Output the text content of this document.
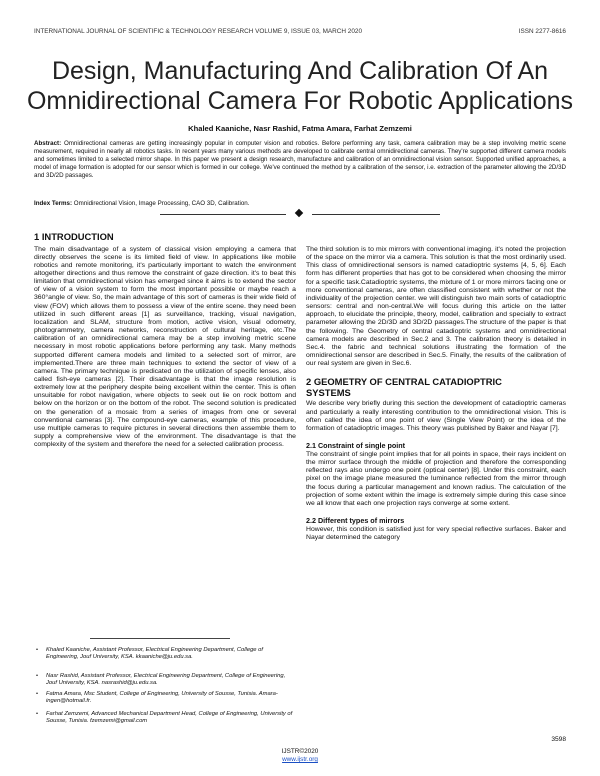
INTERNATIONAL JOURNAL OF SCIENTIFIC & TECHNOLOGY RESEARCH VOLUME 9, ISSUE 03, MARCH 2020	ISSN 2277-8616
Design, Manufacturing And Calibration Of An
Omnidirectional Camera For Robotic Applications
Khaled Kaaniche, Nasr Rashid, Fatma Amara, Farhat Zemzemi
Abstract: Omnidirectional cameras are getting increasingly popular in computer vision and robotics. Before performing any task, camera calibration may be a step involving metric scene measurement, required in nearly all robotics tasks. In recent years many various methods are developed to calibrate central omnidirectional cameras. They're supported different camera models and sometimes limited to a selected mirror shape. In this paper we present a design research, manufacture and calibration of an omnidirectional vision sensor. Supported unified approaches, a model of image formation is adopted for our sensor which is formed in our college. We've continued the method by a calibration of the sensor, i.e. extraction of the parameter allowing the 2D/3D and 3D/2D passages.
Index Terms: Omnidirectional Vision, Image Processing, CAO 3D, Calibration.
1 INTRODUCTION

The main disadvantage of a system of classical vision employing a camera that directly observes the scene is its limited field of view. In applications like mobile robotics and remote monitoring, it's particularly important to watch the environment altogether directions and thus remove the constraint of gaze direction. it's to beat this limitation that omnidirectional vision has emerged since it aims is to extend the sector of view of a vision system to form the most important possible or maybe reach a 360°angle of view. So, the main advantage of this sort of cameras is their wide field of view (FOV) which allows them to possess a view of the entire scene. they need been utilized in such different areas [1] as surveillance, tracking, visual navigation, localization and SLAM, structure from motion, active vision, visual odometry, photogrammetry, camera networks, reconstruction of cultural heritage, etc.The calibration of an omnidirectional camera may be a step involving metric scene necessary in most robotic applications before performing any task. Many methods supported different camera models and limited to a selected sort of mirror, are implemented.There are three main techniques to extend the sector of view of a camera. The primary technique is predicated on the utilization of specific lenses, also called fish-eye cameras [2]. Their disadvantage is that the image resolution is extremely low at the periphery despite being excellent within the center. This is often unsuitable for robot navigation, where objects to seek out lie on rock bottom and below on the horizon or on the bottom of the robot. The second solution is predicated on the generation of a mosaic from a series of images from one or several conventional cameras [3]. The compound-eye cameras, example of this procedure, use multiple cameras to require pictures in several directions then assemble them to supply a comprehensive view of the environment. The disadvantage is that the complexity of the system and therefore the need for a selected calibration process.

The third solution is to mix mirrors with conventional imaging. it's noted the projection of the space on the mirror via a camera. This solution is that the most ordinarily used. This class of omnidirectional sensors is named catadioptric systems [4, 5, 6]. Each form has different properties that has got to be considered when choosing the mirror for a specific task.Catadioptric systems, the mixture of 1 or more mirrors facing one or more conventional cameras, are often classified consistent with whether or not the individuality of the projection center. we will distinguish two main sorts of catadioptric sensors: central and non-central.We will focus during this article on the latter approach, to elucidate the principle, theory, model, calibration and specially to extract parameter allowing the 2D/3D and 3D/2D passages.The structure of the paper is that the following. The Geometry of central catadioptric systems and omnidirectional camera models are described in Sec.2 and 3. The calibration theory is detailed in Sec.4. the fabric and technical solutions illustrating the formation of the omnidirectional sensor are described in Sec.5. Finally, the results of the calibration of our real system are given in Sec.6.

2 GEOMETRY OF CENTRAL CATADIOPTRIC
SYSTEMS

We describe very briefly during this section the development of catadioptric cameras and particularly a really interesting contribution to the omnidirectional vision. This is often called the idea of one point of view (Single View Point) or the idea of the formation of catadioptric images. This theory was published by Baker and Nayar [7].

2.1 Constraint of single point

The constraint of single point implies that for all points in space, their rays incident on the mirror surface through the middle of projection and therefore the corresponding reflected rays also undergo one point (optical center) [8]. Under this constraint, each pixel on the image plane measured the luminance reflected from the mirror through the focus during a particular management and known radius. The calculation of the projection of some extent within the image is extremely simple during this case since we all know that each one projection rays converge at some extent.

2.2 Different types of mirrors

However, this condition is satisfied just for very special reflective surfaces. Baker and Nayar determined the category

•	Khaled Kaaniche, Assistant Professor, Electrical Engineering Department, College of Engineering, Jouf University, KSA. kkaaniche@ju.edu.sa.
•	Nasr Rashid, Assistant Professor, Electrical Engineering Department, College of Engineering, Jouf University, KSA. nasrashid@ju.edu.sa.
•	Fatma Amara, Msc Student, College of Engineering, University of Sousse, Tunisia. Amara-ingen@hotmail.fr.
•	Farhat Zemzemi, Advanced Mechanical Department Head, College of Engineering, University of Sousse, Tunisia. fzemzemi@gmail.com
3598
IJSTR©2020
www.ijstr.org
